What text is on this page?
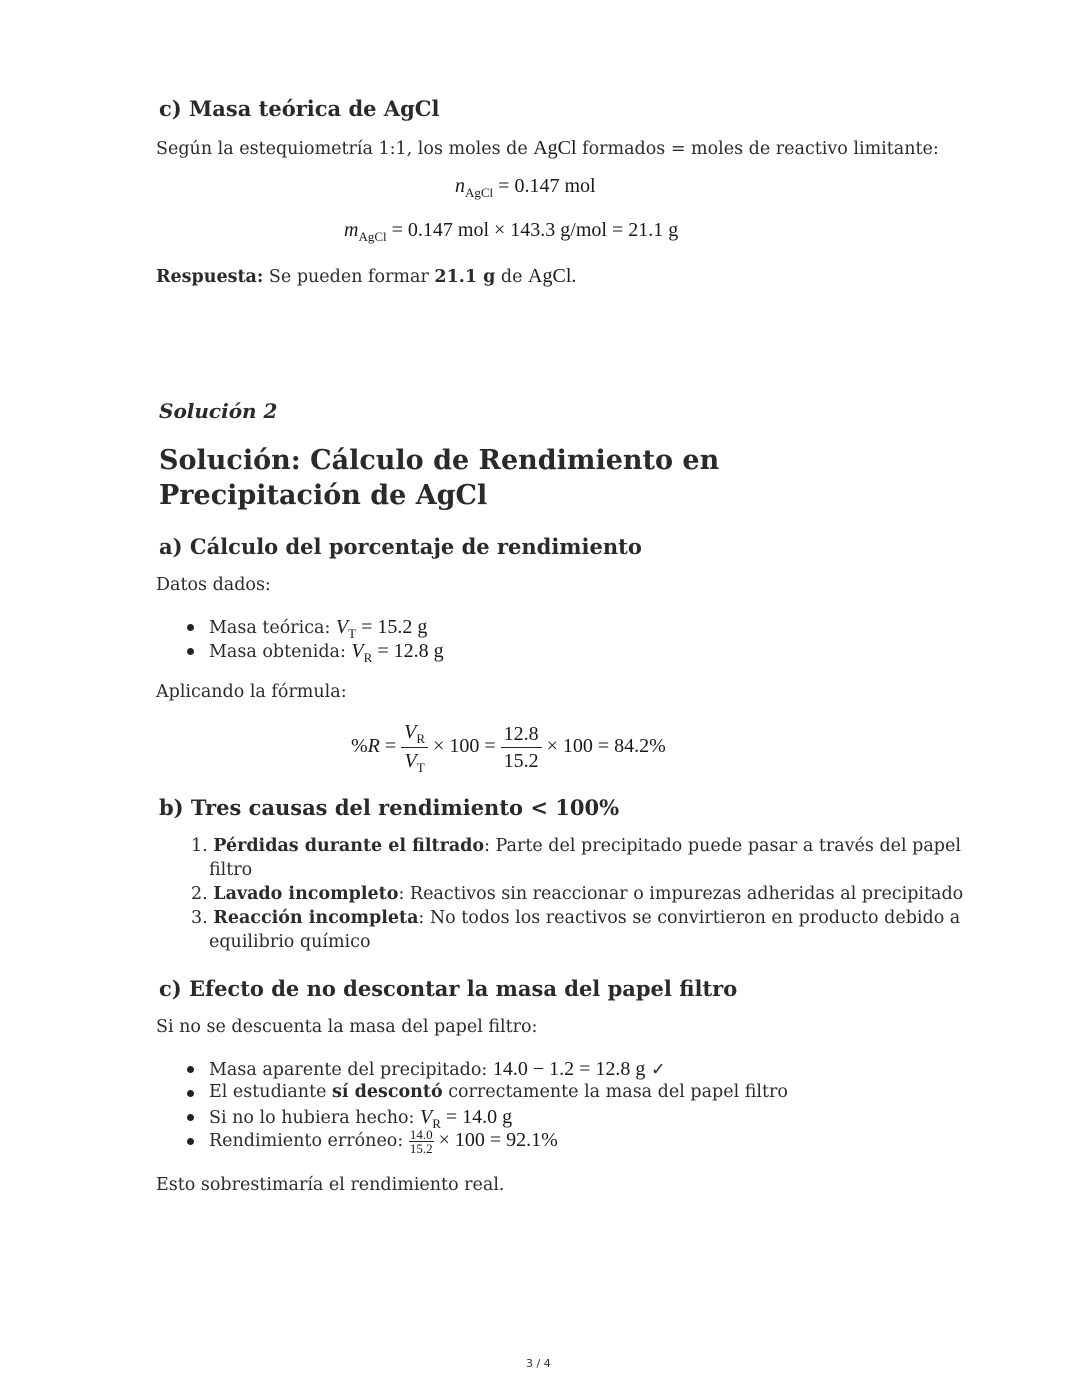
c) Masa teórica de AgCl
Según la estequiometría 1:1, los moles de AgCl formados = moles de reactivo limitante:
$n_{AgCl} = 0.147$ mol
$m_{AgCl} = 0.147$ mol × 143.3 g/mol = 21.1 g
Respuesta: Se pueden formar 21.1 g de AgCl.
Solución 2
Solución: Cálculo de Rendimiento en Precipitación de AgCl
a) Cálculo del porcentaje de rendimiento
Datos dados:
Masa teórica: $V_T = 15.2$ g
Masa obtenida: $V_R = 12.8$ g
Aplicando la fórmula:
$\%R = \frac{V_R}{V_T} \times 100 = \frac{12.8}{15.2} \times 100 = 84.2\%$
b) Tres causas del rendimiento < 100%
1. Pérdidas durante el filtrado: Parte del precipitado puede pasar a través del papel
filtro
2. Lavado incompleto: Reactivos sin reaccionar o impurezas adheridas al precipitado
3. Reacción incompleta: No todos los reactivos se convirtieron en producto debido a
equilibrio químico
c) Efecto de no descontar la masa del papel filtro
Si no se descuenta la masa del papel filtro:
Masa aparente del precipitado: 14.0 − 1.2 = 12.8 g ✓
El estudiante sí descontó correctamente la masa del papel filtro
Si no lo hubiera hecho: $V_R = 14.0$ g
Rendimiento erróneo: $\frac{14.0}{15.2} \times 100 = 92.1\%$
Esto sobrestimaría el rendimiento real.
3 / 4
